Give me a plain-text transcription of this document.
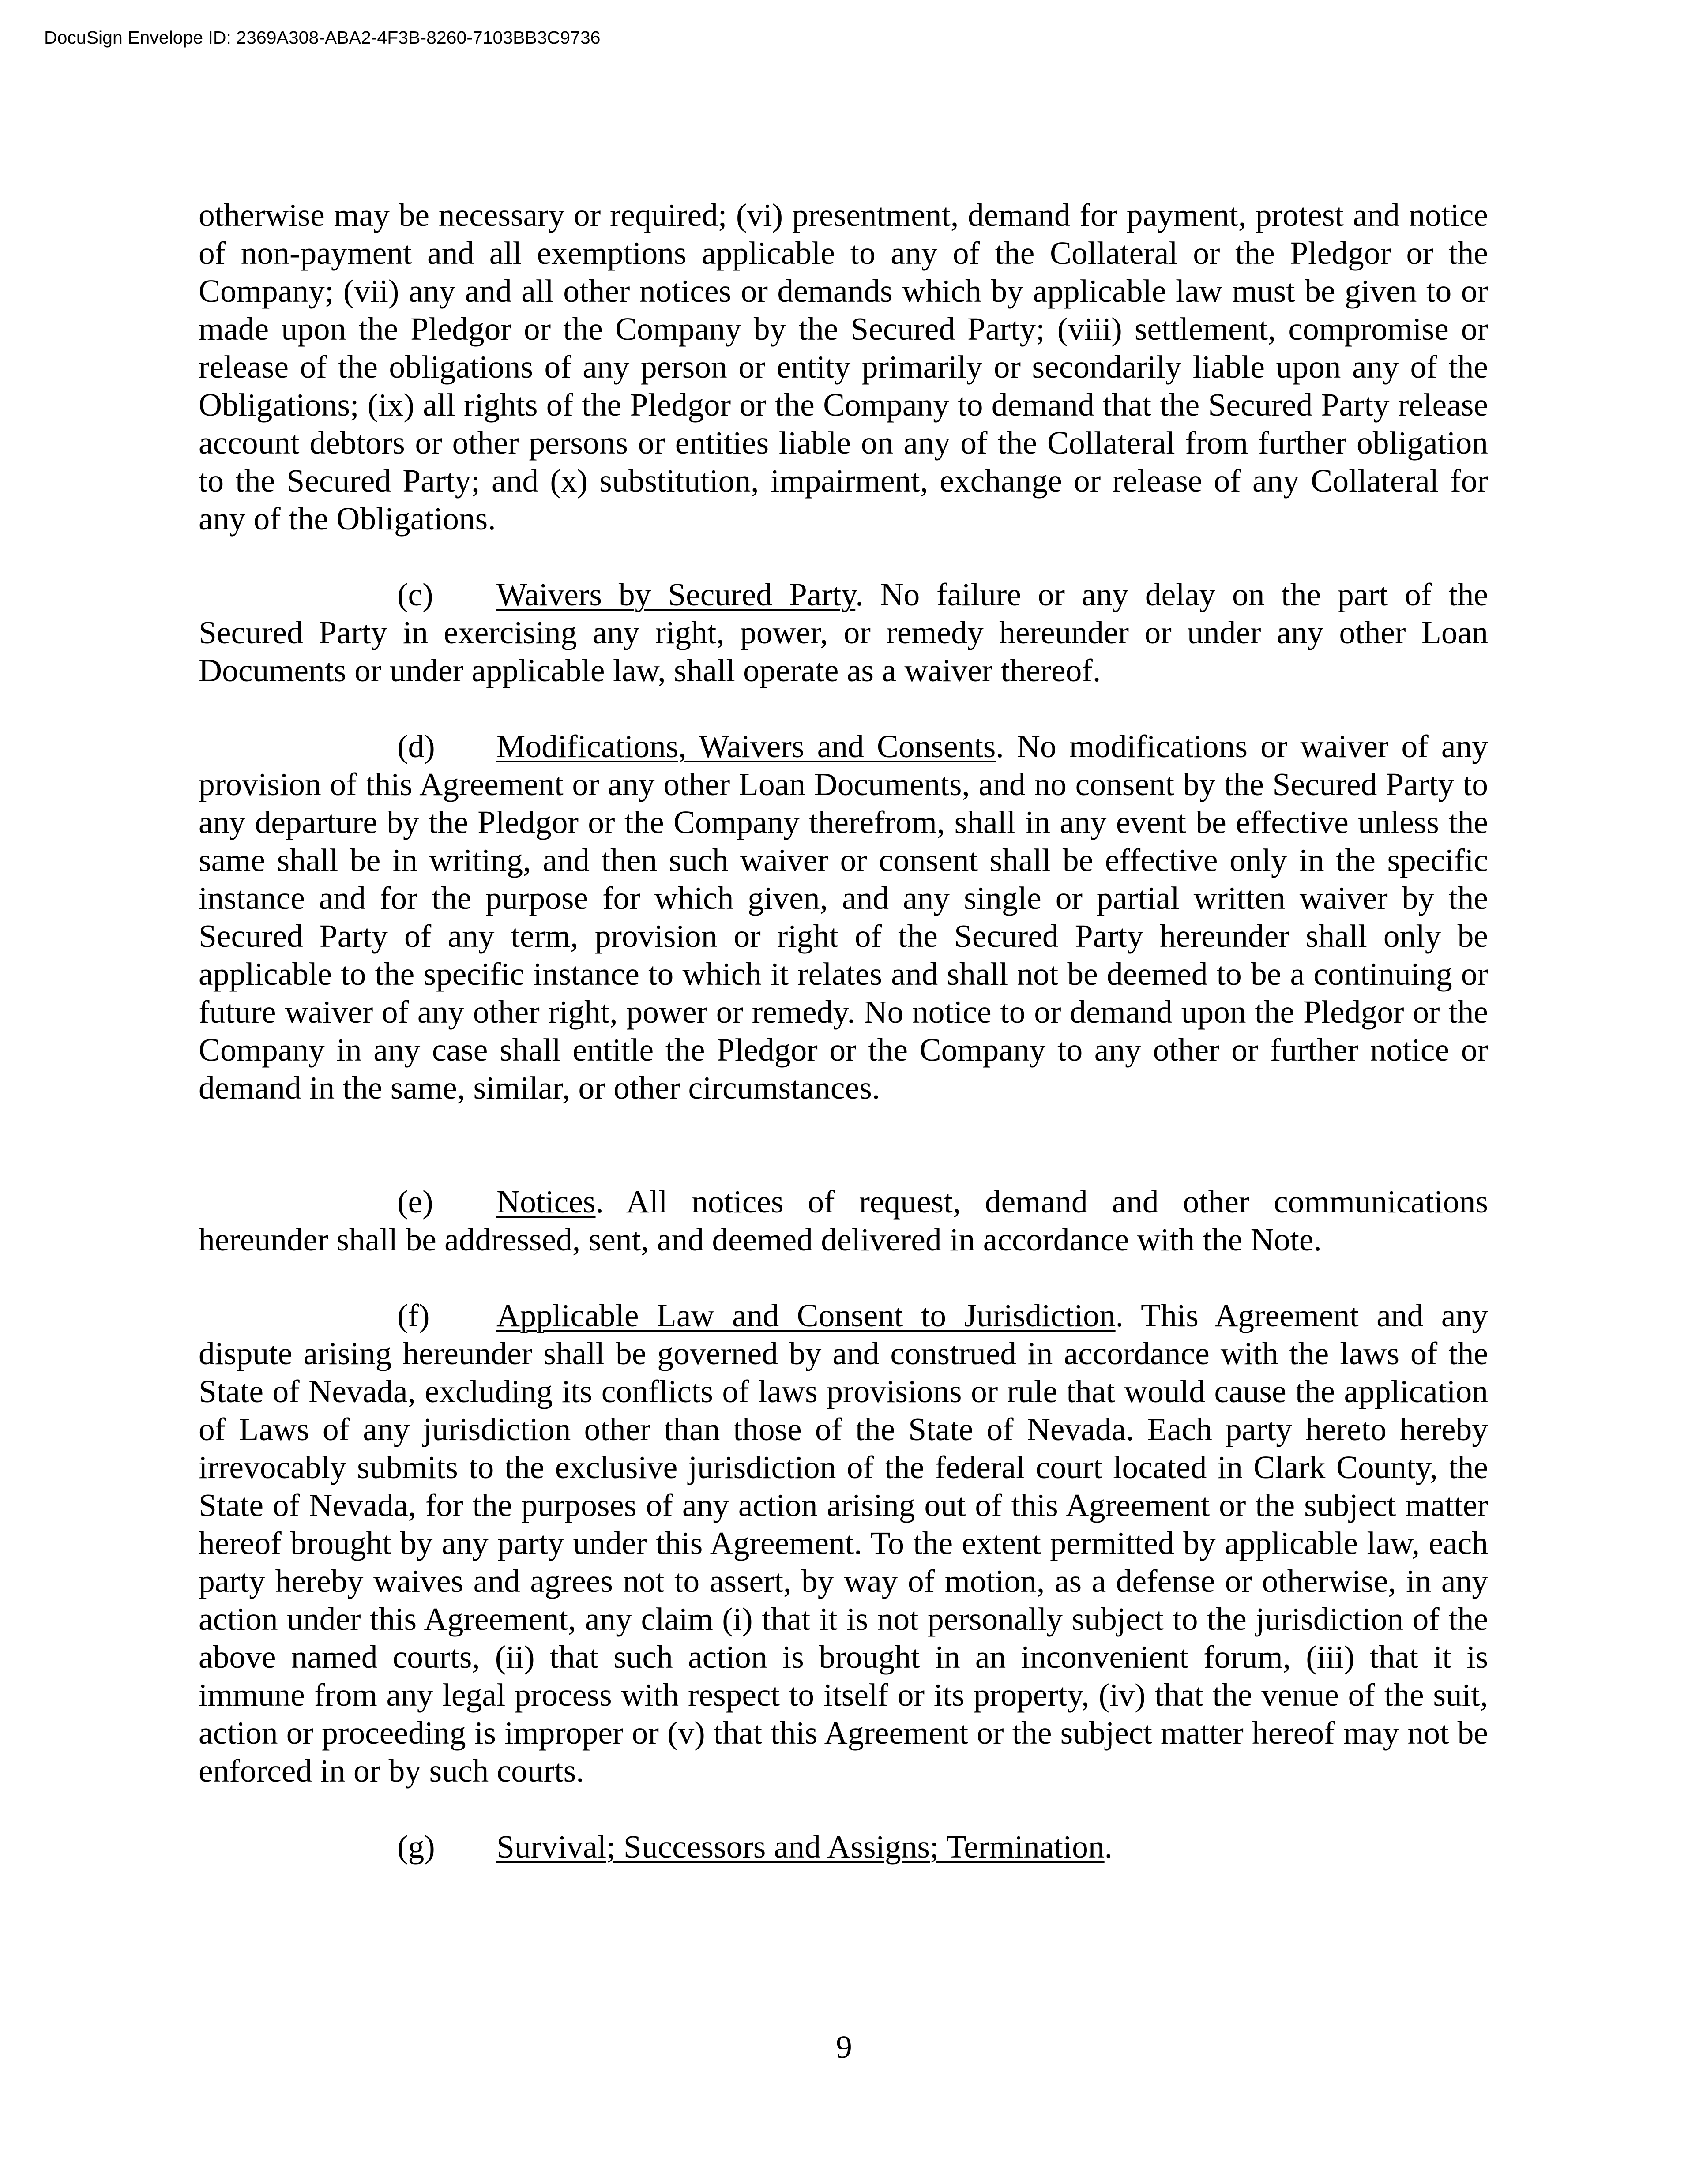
DocuSign Envelope ID: 2369A308-ABA2-4F3B-8260-7103BB3C9736

otherwise may be necessary or required; (vi) presentment, demand for payment, protest and notice of non-payment and all exemptions applicable to any of the Collateral or the Pledgor or the Company; (vii) any and all other notices or demands which by applicable law must be given to or made upon the Pledgor or the Company by the Secured Party; (viii) settlement, compromise or release of the obligations of any person or entity primarily or secondarily liable upon any of the Obligations; (ix) all rights of the Pledgor or the Company to demand that the Secured Party release account debtors or other persons or entities liable on any of the Collateral from further obligation to the Secured Party; and (x) substitution, impairment, exchange or release of any Collateral for any of the Obligations.

(c) Waivers by Secured Party. No failure or any delay on the part of the Secured Party in exercising any right, power, or remedy hereunder or under any other Loan Documents or under applicable law, shall operate as a waiver thereof.

(d) Modifications, Waivers and Consents. No modifications or waiver of any provision of this Agreement or any other Loan Documents, and no consent by the Secured Party to any departure by the Pledgor or the Company therefrom, shall in any event be effective unless the same shall be in writing, and then such waiver or consent shall be effective only in the specific instance and for the purpose for which given, and any single or partial written waiver by the Secured Party of any term, provision or right of the Secured Party hereunder shall only be applicable to the specific instance to which it relates and shall not be deemed to be a continuing or future waiver of any other right, power or remedy. No notice to or demand upon the Pledgor or the Company in any case shall entitle the Pledgor or the Company to any other or further notice or demand in the same, similar, or other circumstances.

(e) Notices. All notices of request, demand and other communications hereunder shall be addressed, sent, and deemed delivered in accordance with the Note.

(f) Applicable Law and Consent to Jurisdiction. This Agreement and any dispute arising hereunder shall be governed by and construed in accordance with the laws of the State of Nevada, excluding its conflicts of laws provisions or rule that would cause the application of Laws of any jurisdiction other than those of the State of Nevada. Each party hereto hereby irrevocably submits to the exclusive jurisdiction of the federal court located in Clark County, the State of Nevada, for the purposes of any action arising out of this Agreement or the subject matter hereof brought by any party under this Agreement. To the extent permitted by applicable law, each party hereby waives and agrees not to assert, by way of motion, as a defense or otherwise, in any action under this Agreement, any claim (i) that it is not personally subject to the jurisdiction of the above named courts, (ii) that such action is brought in an inconvenient forum, (iii) that it is immune from any legal process with respect to itself or its property, (iv) that the venue of the suit, action or proceeding is improper or (v) that this Agreement or the subject matter hereof may not be enforced in or by such courts.

(g) Survival; Successors and Assigns; Termination.

9
